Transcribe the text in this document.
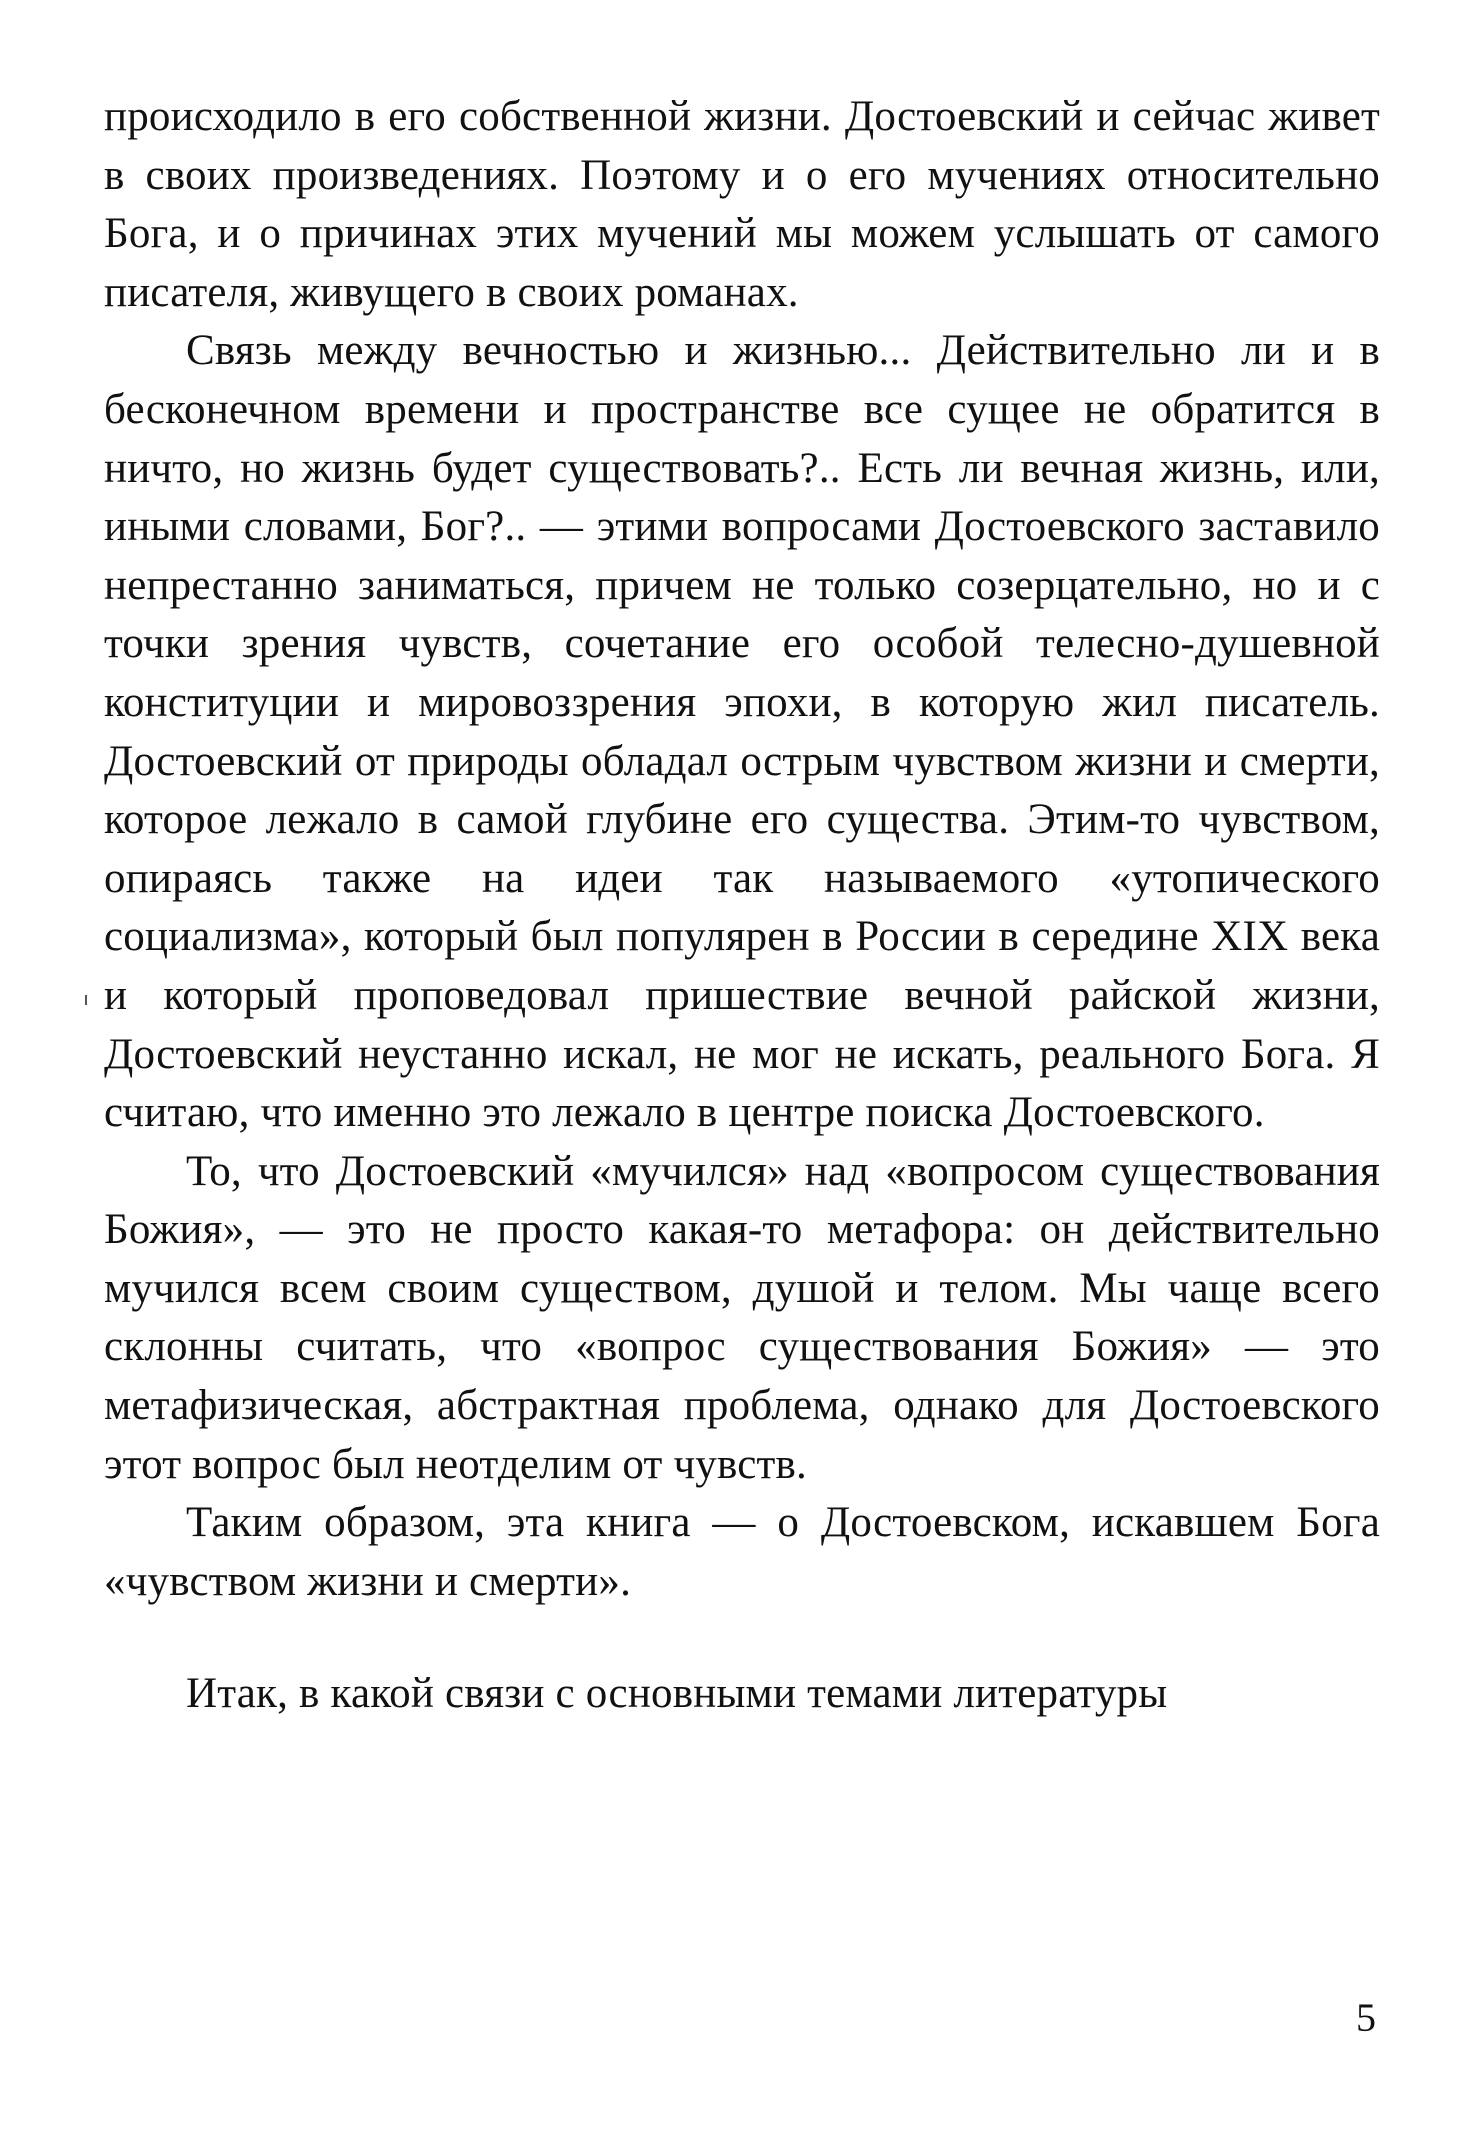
происходило в его собственной жизни. Достоевский и сейчас живет в своих произведениях. Поэтому и о его мучениях относительно Бога, и о причинах этих мучений мы можем услышать от самого писателя, живущего в своих романах.

Связь между вечностью и жизнью... Действительно ли и в бесконечном времени и пространстве все сущее не обратится в ничто, но жизнь будет существовать?.. Есть ли вечная жизнь, или, иными словами, Бог?.. — этими вопросами Достоевского заставило непрестанно заниматься, причем не только созерцательно, но и с точки зрения чувств, сочетание его особой телесно-душевной конституции и мировоззрения эпохи, в которую жил писатель. Достоевский от природы обладал острым чувством жизни и смерти, которое лежало в самой глубине его существа. Этим-то чувством, опираясь также на идеи так называемого «утопического социализма», который был популярен в России в середине XIX века и который проповедовал пришествие вечной райской жизни, Достоевский неустанно искал, не мог не искать, реального Бога. Я считаю, что именно это лежало в центре поиска Достоевского.

То, что Достоевский «мучился» над «вопросом существования Божия», — это не просто какая-то метафора: он действительно мучился всем своим существом, душой и телом. Мы чаще всего склонны считать, что «вопрос существования Божия» — это метафизическая, абстрактная проблема, однако для Достоевского этот вопрос был неотделим от чувств.

Таким образом, эта книга — о Достоевском, искавшем Бога «чувством жизни и смерти».

Итак, в какой связи с основными темами литературы

5
